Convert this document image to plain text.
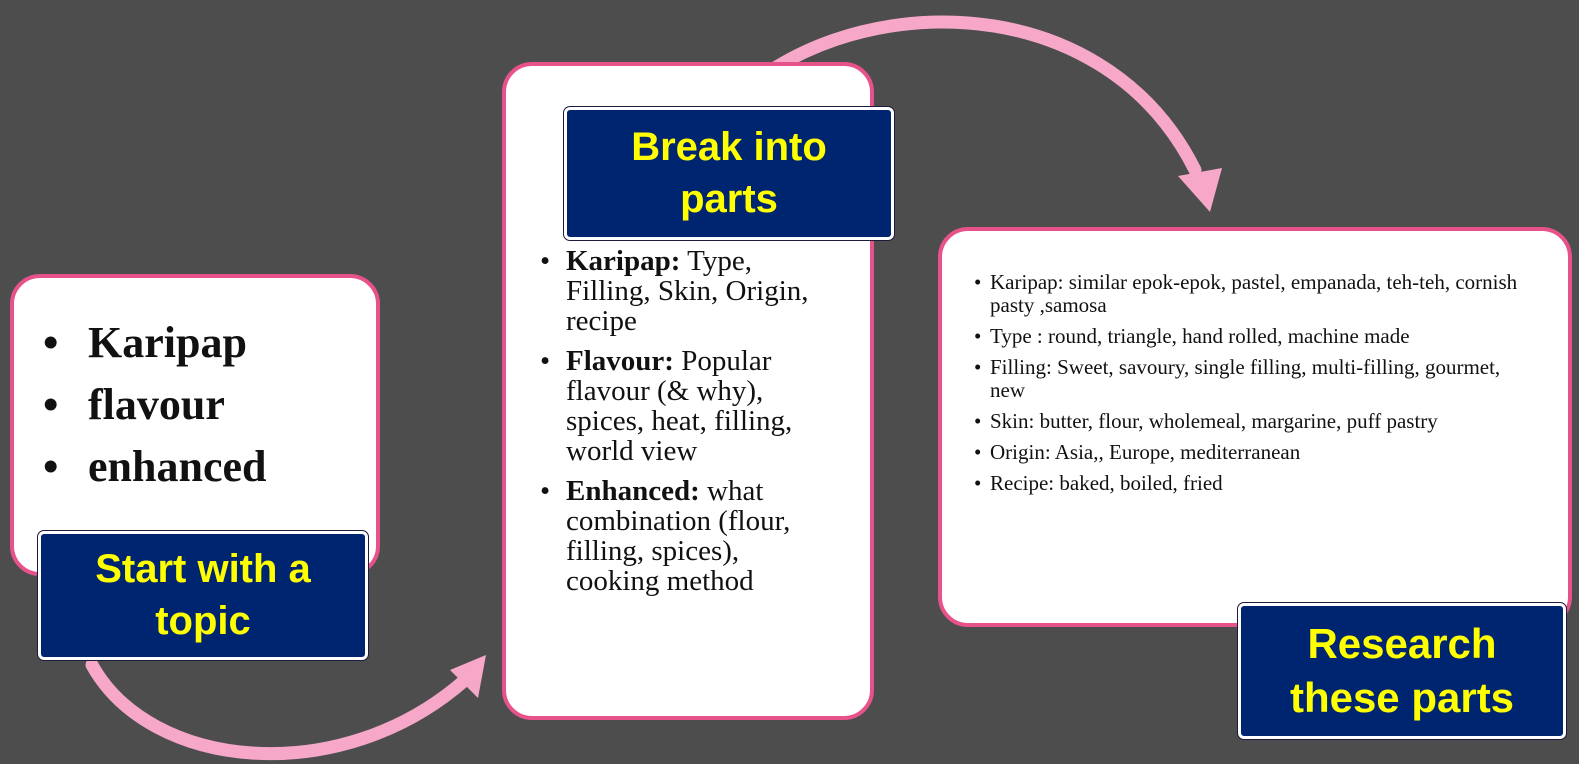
• Karipap
• flavour
• enhanced
Start with a
topic
• Karipap: Type, Filling, Skin, Origin, recipe
• Flavour: Popular flavour (& why), spices, heat, filling, world view
• Enhanced: what combination (flour, filling, spices), cooking method
Break into
parts
• Karipap: similar epok-epok, pastel, empanada, teh-teh, cornish pasty ,samosa
• Type : round, triangle, hand rolled, machine made
• Filling: Sweet, savoury, single filling, multi-filling, gourmet, new
• Skin: butter, flour, wholemeal, margarine, puff pastry
• Origin: Asia,, Europe, mediterranean
• Recipe: baked, boiled, fried
Research
these parts
